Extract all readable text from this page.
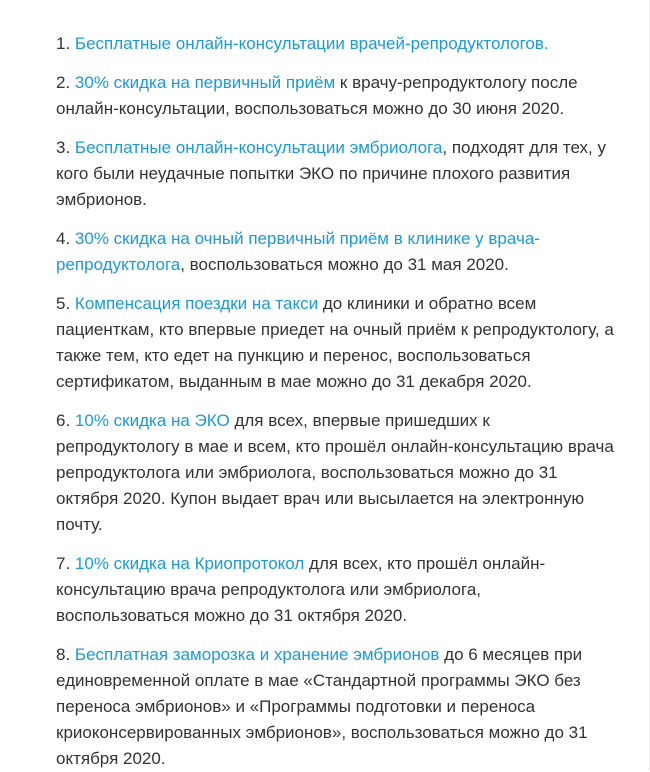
1. Бесплатные онлайн-консультации врачей-репродуктологов.

2. 30% скидка на первичный приём к врачу-репродуктологу после онлайн-консультации, воспользоваться можно до 30 июня 2020.

3. Бесплатные онлайн-консультации эмбриолога, подходят для тех, у кого были неудачные попытки ЭКО по причине плохого развития эмбрионов.

4. 30% скидка на очный первичный приём в клинике у врача-репродуктолога, воспользоваться можно до 31 мая 2020.

5. Компенсация поездки на такси до клиники и обратно всем пациенткам, кто впервые приедет на очный приём к репродуктологу, а также тем, кто едет на пункцию и перенос, воспользоваться сертификатом, выданным в мае можно до 31 декабря 2020.

6. 10% скидка на ЭКО для всех, впервые пришедших к репродуктологу в мае и всем, кто прошёл онлайн-консультацию врача репродуктолога или эмбриолога, воспользоваться можно до 31 октября 2020. Купон выдает врач или высылается на электронную почту.

7. 10% скидка на Криопротокол для всех, кто прошёл онлайн-консультацию врача репродуктолога или эмбриолога, воспользоваться можно до 31 октября 2020.

8. Бесплатная заморозка и хранение эмбрионов до 6 месяцев при единовременной оплате в мае «Стандартной программы ЭКО без переноса эмбрионов» и «Программы подготовки и переноса криоконсервированных эмбрионов», воспользоваться можно до 31 октября 2020.
